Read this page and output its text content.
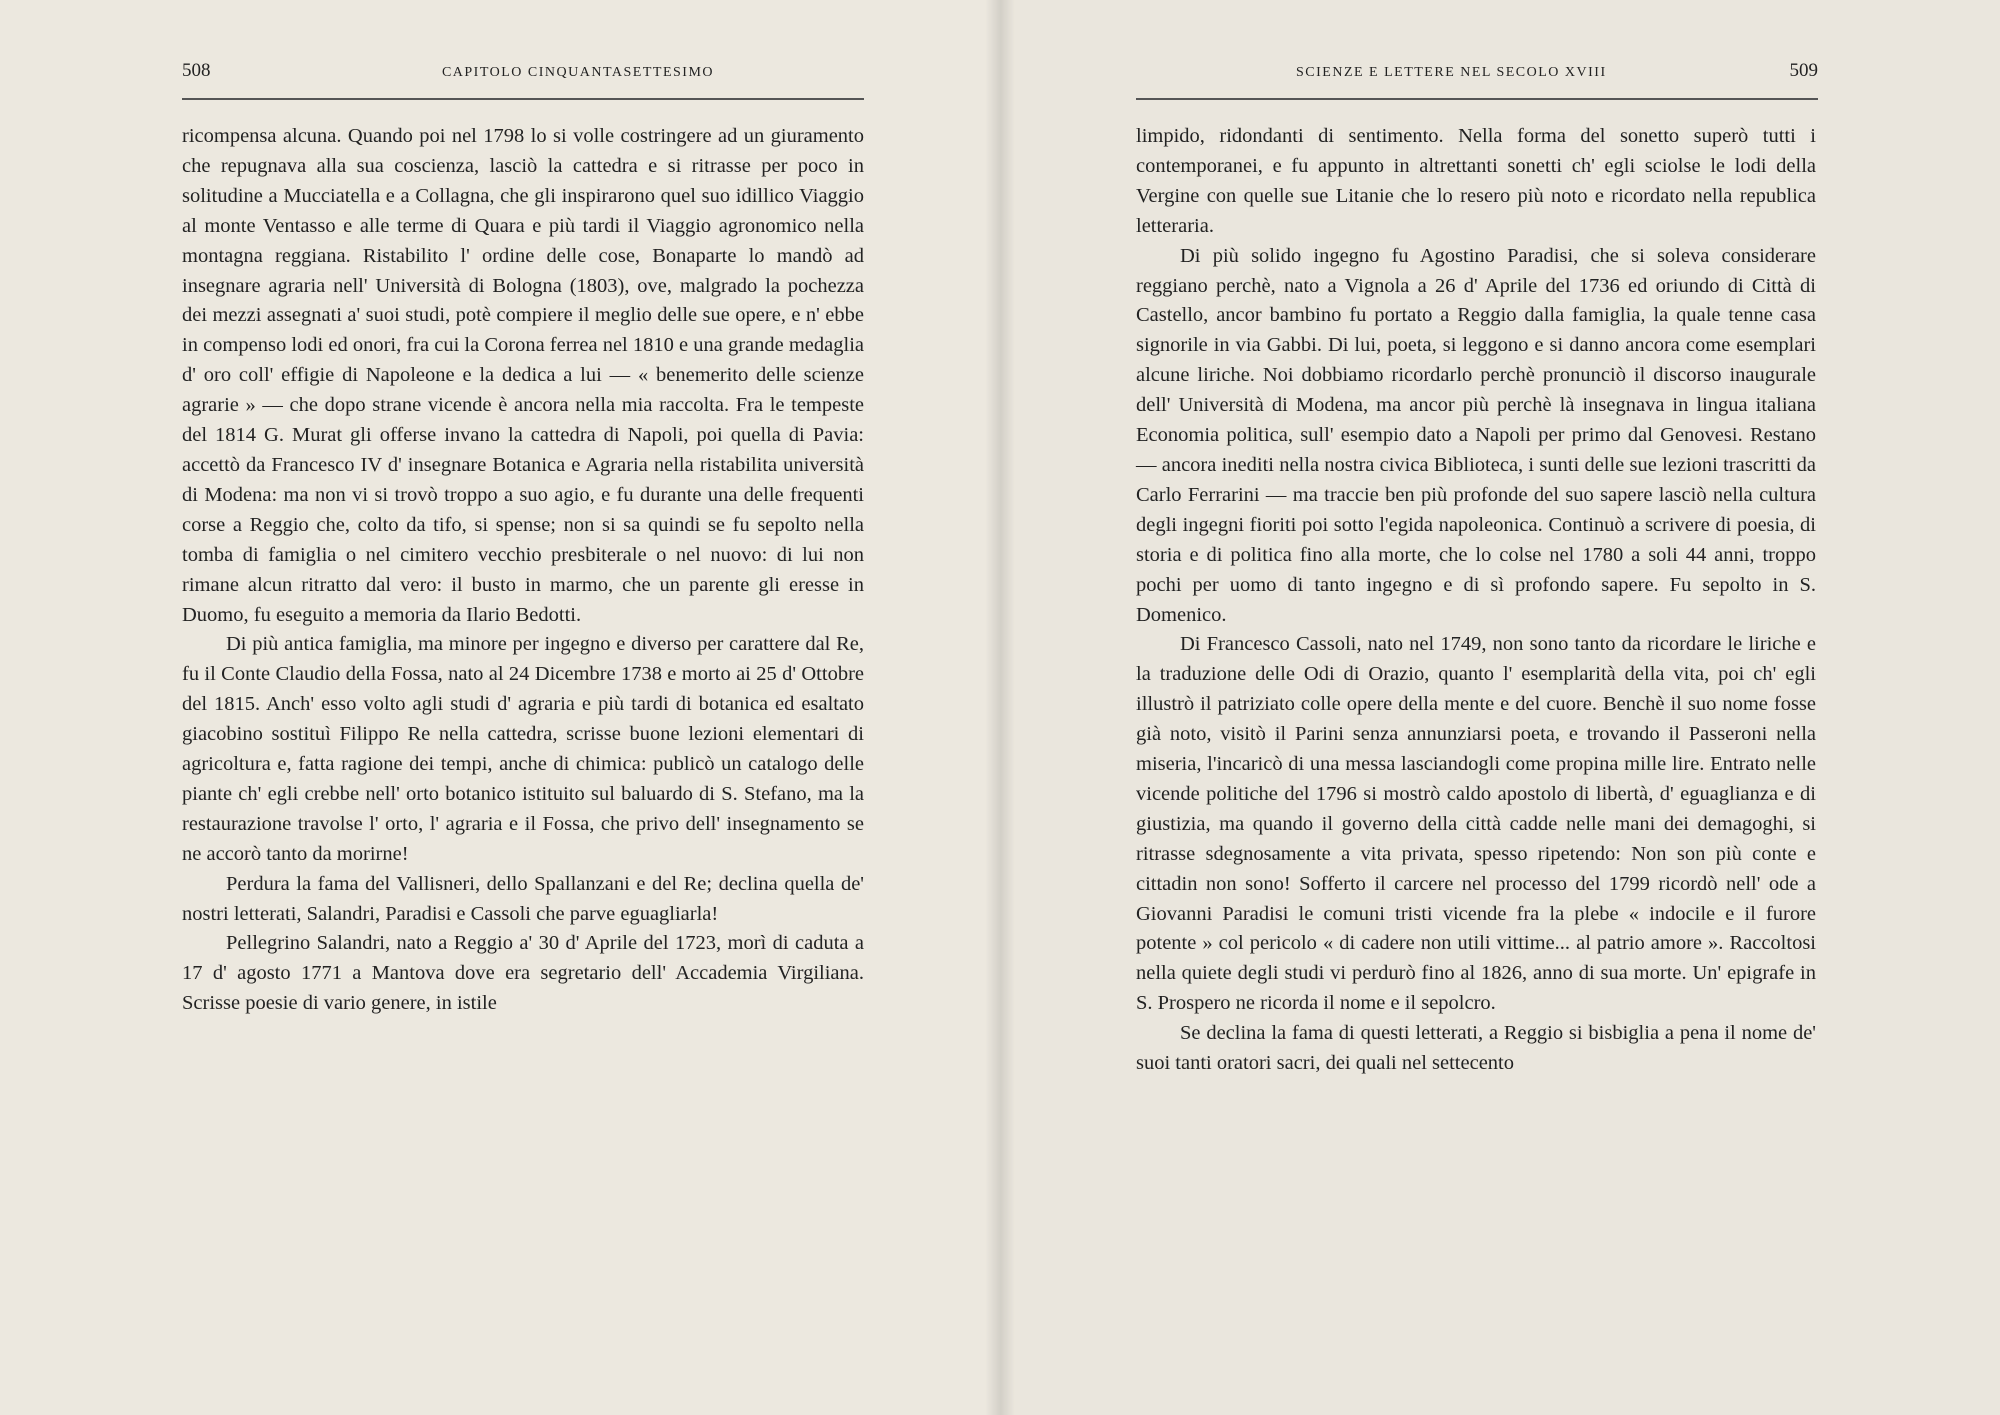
508	CAPITOLO CINQUANTASETTESIMO

ricompensa alcuna. Quando poi nel 1798 lo si volle costringere ad un giuramento che repugnava alla sua coscienza, lasciò la cattedra e si ritrasse per poco in solitudine a Mucciatella e a Collagna, che gli inspirarono quel suo idillico Viaggio al monte Ventasso e alle terme di Quara e più tardi il Viaggio agronomico nella montagna reggiana. Ristabilito l' ordine delle cose, Bonaparte lo mandò ad insegnare agraria nell' Università di Bologna (1803), ove, malgrado la pochezza dei mezzi assegnati a' suoi studi, potè compiere il meglio delle sue opere, e n' ebbe in compenso lodi ed onori, fra cui la Corona ferrea nel 1810 e una grande medaglia d' oro coll' effigie di Napoleone e la dedica a lui — « benemerito delle scienze agrarie » — che dopo strane vicende è ancora nella mia raccolta. Fra le tempeste del 1814 G. Murat gli offerse invano la cattedra di Napoli, poi quella di Pavia: accettò da Francesco IV d' insegnare Botanica e Agraria nella ristabilita università di Modena: ma non vi si trovò troppo a suo agio, e fu durante una delle frequenti corse a Reggio che, colto da tifo, si spense; non si sa quindi se fu sepolto nella tomba di famiglia o nel cimitero vecchio presbiterale o nel nuovo: di lui non rimane alcun ritratto dal vero: il busto in marmo, che un parente gli eresse in Duomo, fu eseguito a memoria da Ilario Bedotti.

Di più antica famiglia, ma minore per ingegno e diverso per carattere dal Re, fu il Conte Claudio della Fossa, nato al 24 Dicembre 1738 e morto ai 25 d' Ottobre del 1815. Anch' esso volto agli studi d' agraria e più tardi di botanica ed esaltato giacobino sostituì Filippo Re nella cattedra, scrisse buone lezioni elementari di agricoltura e, fatta ragione dei tempi, anche di chimica: publicò un catalogo delle piante ch' egli crebbe nell' orto botanico istituito sul baluardo di S. Stefano, ma la restaurazione travolse l' orto, l' agraria e il Fossa, che privo dell' insegnamento se ne accorò tanto da morirne!

Perdura la fama del Vallisneri, dello Spallanzani e del Re; declina quella de' nostri letterati, Salandri, Paradisi e Cassoli che parve eguagliarla!

Pellegrino Salandri, nato a Reggio a' 30 d' Aprile del 1723, morì di caduta a 17 d' agosto 1771 a Mantova dove era segretario dell' Accademia Virgiliana. Scrisse poesie di vario genere, in istile

SCIENZE E LETTERE NEL SECOLO XVIII	509

limpido, ridondanti di sentimento. Nella forma del sonetto superò tutti i contemporanei, e fu appunto in altrettanti sonetti ch' egli sciolse le lodi della Vergine con quelle sue Litanie che lo resero più noto e ricordato nella republica letteraria.

Di più solido ingegno fu Agostino Paradisi, che si soleva considerare reggiano perchè, nato a Vignola a 26 d' Aprile del 1736 ed oriundo di Città di Castello, ancor bambino fu portato a Reggio dalla famiglia, la quale tenne casa signorile in via Gabbi. Di lui, poeta, si leggono e si danno ancora come esemplari alcune liriche. Noi dobbiamo ricordarlo perchè pronunciò il discorso inaugurale dell' Università di Modena, ma ancor più perchè là insegnava in lingua italiana Economia politica, sull' esempio dato a Napoli per primo dal Genovesi. Restano — ancora inediti nella nostra civica Biblioteca, i sunti delle sue lezioni trascritti da Carlo Ferrarini — ma traccie ben più profonde del suo sapere lasciò nella cultura degli ingegni fioriti poi sotto l'egida napoleonica. Continuò a scrivere di poesia, di storia e di politica fino alla morte, che lo colse nel 1780 a soli 44 anni, troppo pochi per uomo di tanto ingegno e di sì profondo sapere. Fu sepolto in S. Domenico.

Di Francesco Cassoli, nato nel 1749, non sono tanto da ricordare le liriche e la traduzione delle Odi di Orazio, quanto l' esemplarità della vita, poi ch' egli illustrò il patriziato colle opere della mente e del cuore. Benchè il suo nome fosse già noto, visitò il Parini senza annunziarsi poeta, e trovando il Passeroni nella miseria, l'incaricò di una messa lasciandogli come propina mille lire. Entrato nelle vicende politiche del 1796 si mostrò caldo apostolo di libertà, d' eguaglianza e di giustizia, ma quando il governo della città cadde nelle mani dei demagoghi, si ritrasse sdegnosamente a vita privata, spesso ripetendo: Non son più conte e cittadin non sono! Sofferto il carcere nel processo del 1799 ricordò nell' ode a Giovanni Paradisi le comuni tristi vicende fra la plebe « indocile e il furore potente » col pericolo « di cadere non utili vittime... al patrio amore ». Raccoltosi nella quiete degli studi vi perdurò fino al 1826, anno di sua morte. Un' epigrafe in S. Prospero ne ricorda il nome e il sepolcro.

Se declina la fama di questi letterati, a Reggio si bisbiglia a pena il nome de' suoi tanti oratori sacri, dei quali nel settecento
